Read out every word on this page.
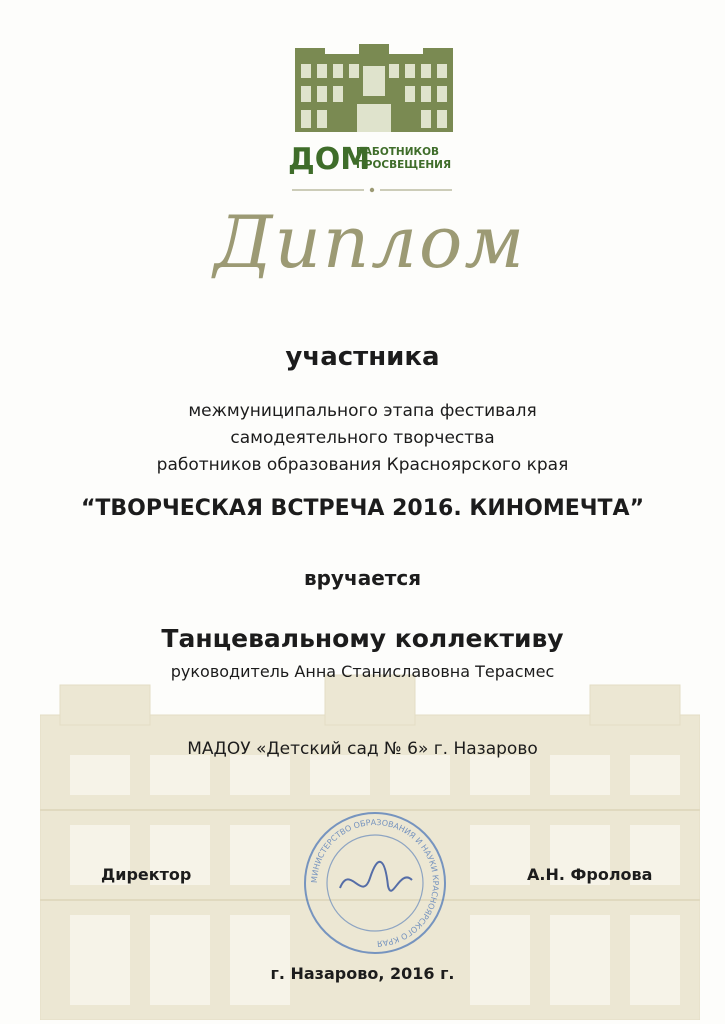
ДОМ
РАБОТНИКОВ
ПРОСВЕЩЕНИЯ
Диплом
участника
межмуниципального этапа фестиваля
самодеятельного творчества
работников образования Красноярского края
“ТВОРЧЕСКАЯ ВСТРЕЧА 2016. КИНОМЕЧТА”
вручается
Танцевальному коллективу
руководитель Анна Станиславовна Терасмес
МАДОУ «Детский сад № 6» г. Назарово
Директор	А.Н. Фролова
МИНИСТЕРСТВО ОБРАЗОВАНИЯ И НАУКИ КРАСНОЯРСКОГО КРАЯ
г. Назарово, 2016 г.
